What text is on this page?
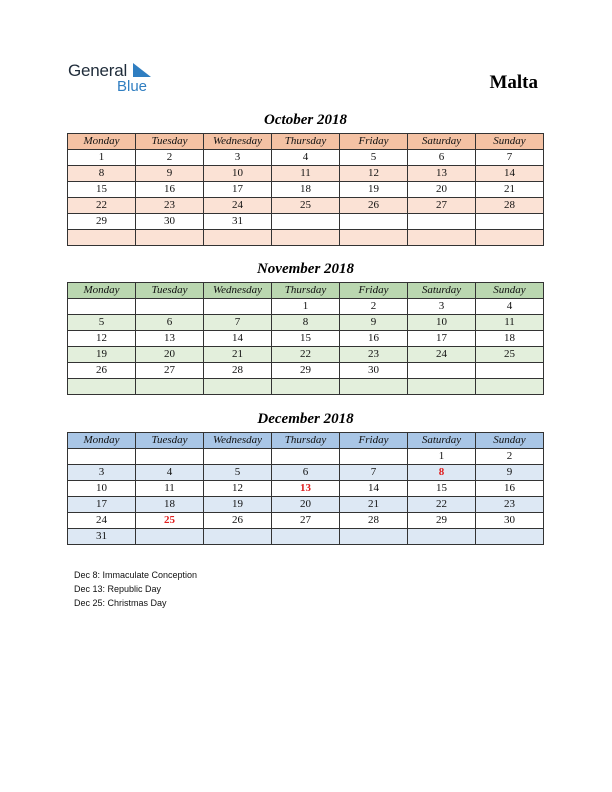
General
Blue	Malta
October 2018
Monday	Tuesday	Wednesday	Thursday	Friday	Saturday	Sunday
1	2	3	4	5	6	7
8	9	10	11	12	13	14
15	16	17	18	19	20	21
22	23	24	25	26	27	28
29	30	31				

November 2018
Monday	Tuesday	Wednesday	Thursday	Friday	Saturday	Sunday
			1	2	3	4
5	6	7	8	9	10	11
12	13	14	15	16	17	18
19	20	21	22	23	24	25
26	27	28	29	30		

December 2018
Monday	Tuesday	Wednesday	Thursday	Friday	Saturday	Sunday
					1	2
3	4	5	6	7	8	9
10	11	12	13	14	15	16
17	18	19	20	21	22	23
24	25	26	27	28	29	30
31						
Dec 8: Immaculate Conception
Dec 13: Republic Day
Dec 25: Christmas Day
